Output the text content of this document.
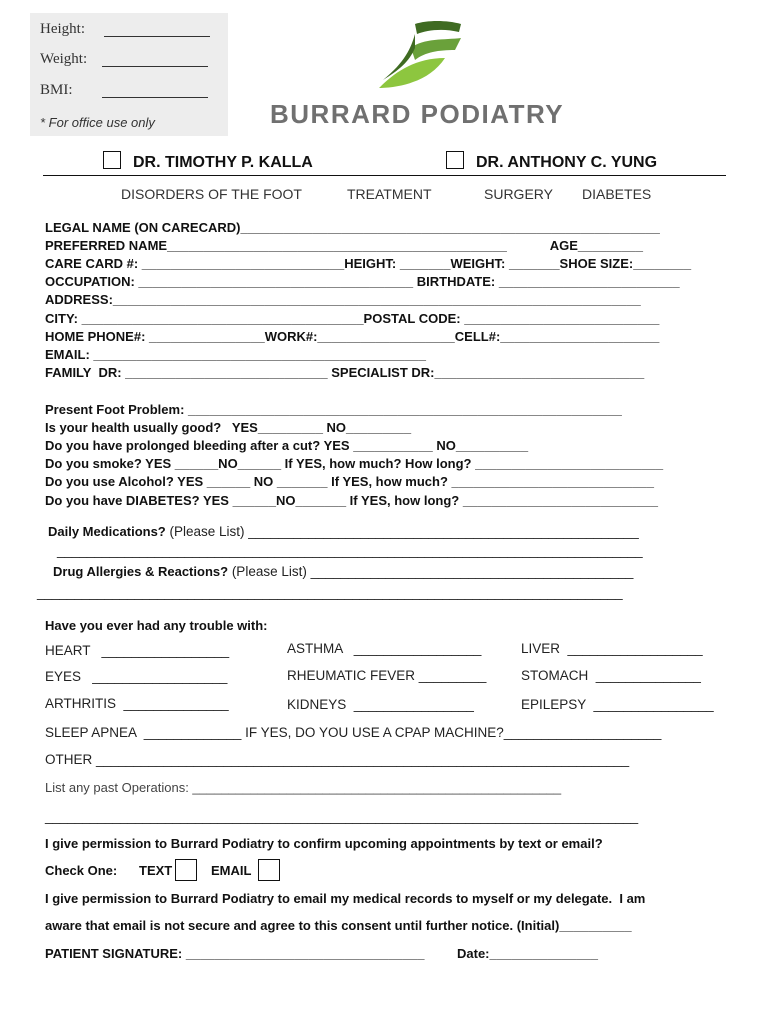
Height:
Weight:
BMI:
* For office use only	BURRARD PODIATRY
DR. TIMOTHY P. KALLA	DR. ANTHONY C. YUNG
DISORDERS OF THE FOOT	TREATMENT	SURGERY DIABETES
LEGAL NAME (ON CARECARD)__________________________________________________________
PREFERRED NAME_______________________________________________            AGE_________
CARE CARD #: ____________________________HEIGHT: _______WEIGHT: _______SHOE SIZE:________
OCCUPATION: ______________________________________ BIRTHDATE: _________________________
ADDRESS:_________________________________________________________________________
CITY: _______________________________________POSTAL CODE: ___________________________
HOME PHONE#: ________________WORK#:___________________CELL#:______________________
EMAIL: ______________________________________________
FAMILY  DR: ____________________________ SPECIALIST DR:_____________________________
Present Foot Problem: ____________________________________________________________
Is your health usually good?   YES_________ NO_________
Do you have prolonged bleeding after a cut? YES ___________ NO__________
Do you smoke? YES ______NO______ If YES, how much? How long? __________________________
Do you use Alcohol? YES ______ NO _______ If YES, how much? ____________________________
Do you have DIABETES? YES ______NO_______ If YES, how long? ___________________________
Daily Medications? (Please List) ____________________________________________________
______________________________________________________________________________
Drug Allergies & Reactions? (Please List) ___________________________________________
______________________________________________________________________________
Have you ever had any trouble with:
HEART   _________________	ASTHMA   _________________	LIVER  __________________
EYES   __________________	RHEUMATIC FEVER _________	STOMACH  ______________
ARTHRITIS  ______________	KIDNEYS  ________________	EPILEPSY  ________________
SLEEP APNEA  _____________ IF YES, DO YOU USE A CPAP MACHINE?_____________________
OTHER _______________________________________________________________________
List any past Operations: ___________________________________________________
_______________________________________________________________________________
I give permission to Burrard Podiatry to confirm upcoming appointments by text or email?
Check One: TEXT	EMAIL
I give permission to Burrard Podiatry to email my medical records to myself or my delegate.  I am
aware that email is not secure and agree to this consent until further notice. (Initial)__________
PATIENT SIGNATURE: _________________________________	Date:_______________
